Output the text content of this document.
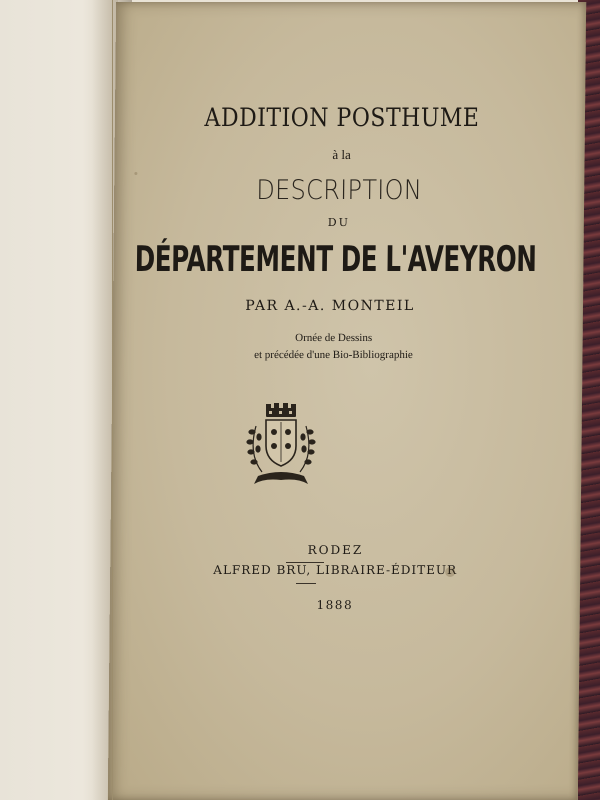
ADDITION POSTHUME
à la
DESCRIPTION
DU
DÉPARTEMENT DE L'AVEYRON
PAR A.-A. MONTEIL
Ornée de Dessins
et précédée d'une Bio-Bibliographie
RODEZ
ALFRED BRU, LIBRAIRE-ÉDITEUR
1888
